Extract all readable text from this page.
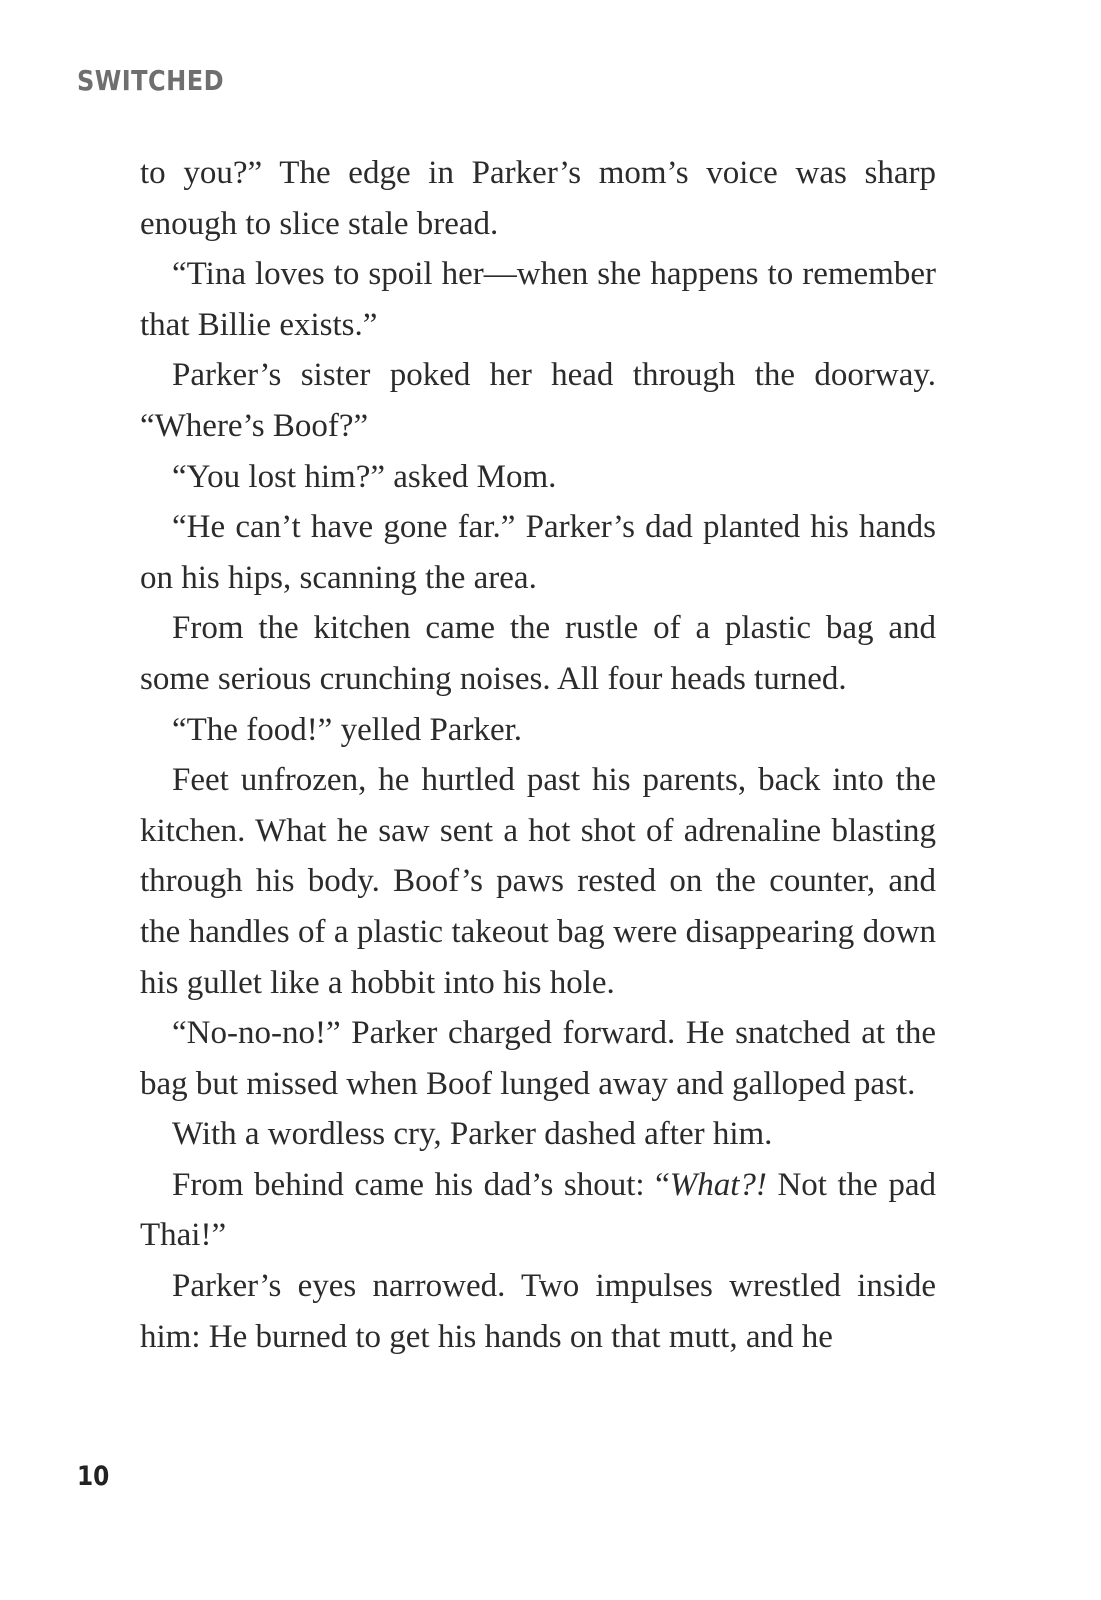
SWITCHED

to you?” The edge in Parker’s mom’s voice was sharp enough to slice stale bread.

“Tina loves to spoil her—when she happens to remember that Billie exists.”

Parker’s sister poked her head through the doorway. “Where’s Boof?”

“You lost him?” asked Mom.

“He can’t have gone far.” Parker’s dad planted his hands on his hips, scanning the area.

From the kitchen came the rustle of a plastic bag and some serious crunching noises. All four heads turned.

“The food!” yelled Parker.

Feet unfrozen, he hurtled past his parents, back into the kitchen. What he saw sent a hot shot of adrenaline blasting through his body. Boof’s paws rested on the counter, and the handles of a plastic takeout bag were disappearing down his gullet like a hobbit into his hole.

“No-no-no!” Parker charged forward. He snatched at the bag but missed when Boof lunged away and galloped past.

With a wordless cry, Parker dashed after him.

From behind came his dad’s shout: “What?! Not the pad Thai!”

Parker’s eyes narrowed. Two impulses wrestled inside him: He burned to get his hands on that mutt, and he

10
